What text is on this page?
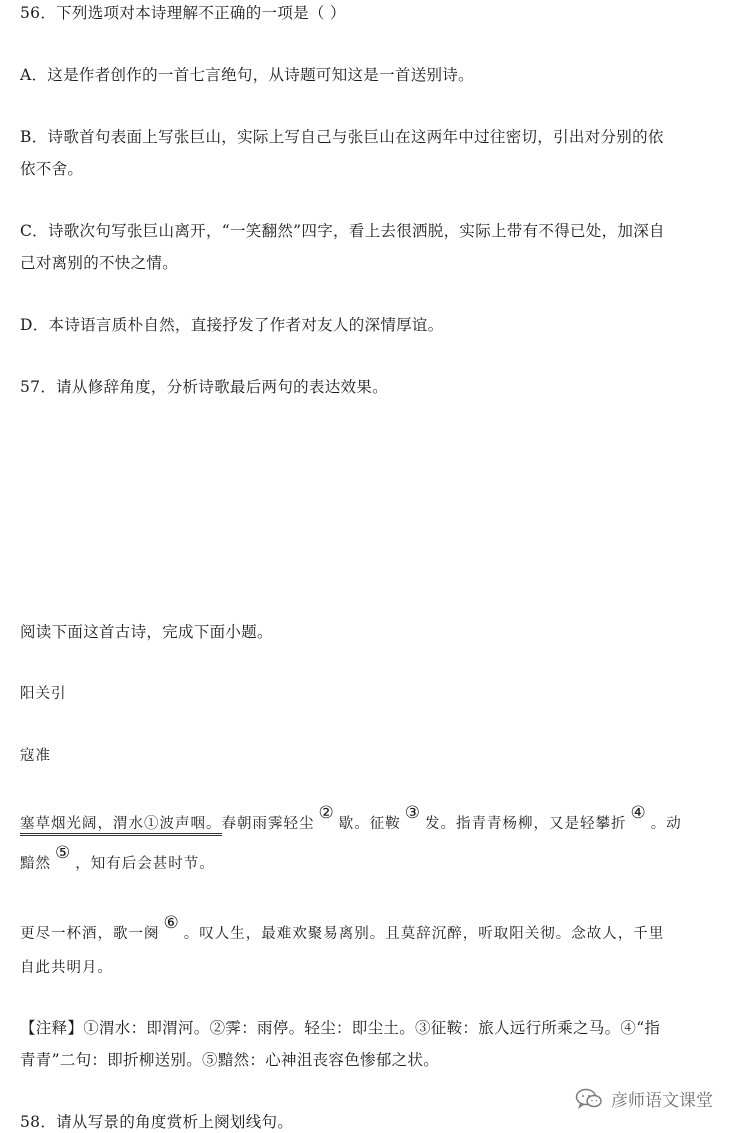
56．下列选项对本诗理解不正确的一项是（ ）
A．这是作者创作的一首七言绝句，从诗题可知这是一首送别诗。
B．诗歌首句表面上写张巨山，实际上写自己与张巨山在这两年中过往密切，引出对分别的依
依不舍。
C．诗歌次句写张巨山离开，“一笑翻然”四字，看上去很洒脱，实际上带有不得已处，加深自
己对离别的不快之情。
D．本诗语言质朴自然，直接抒发了作者对友人的深情厚谊。
57．请从修辞角度，分析诗歌最后两句的表达效果。
阅读下面这首古诗，完成下面小题。
阳关引
寇准
塞草烟光阔，渭水①波声咽。春朝雨霁轻尘②歇。征鞍③发。指青青杨柳，又是轻攀折④。动
黯然⑤，知有后会甚时节。
更尽一杯酒，歌一阕⑥。叹人生，最难欢聚易离别。且莫辞沉醉，听取阳关彻。念故人，千里
自此共明月。
【注释】①渭水：即渭河。②霁：雨停。轻尘：即尘土。③征鞍：旅人远行所乘之马。④“指
青青”二句：即折柳送别。⑤黯然：心神沮丧容色惨郁之状。
58．请从写景的角度赏析上阕划线句。
彦师语文课堂
